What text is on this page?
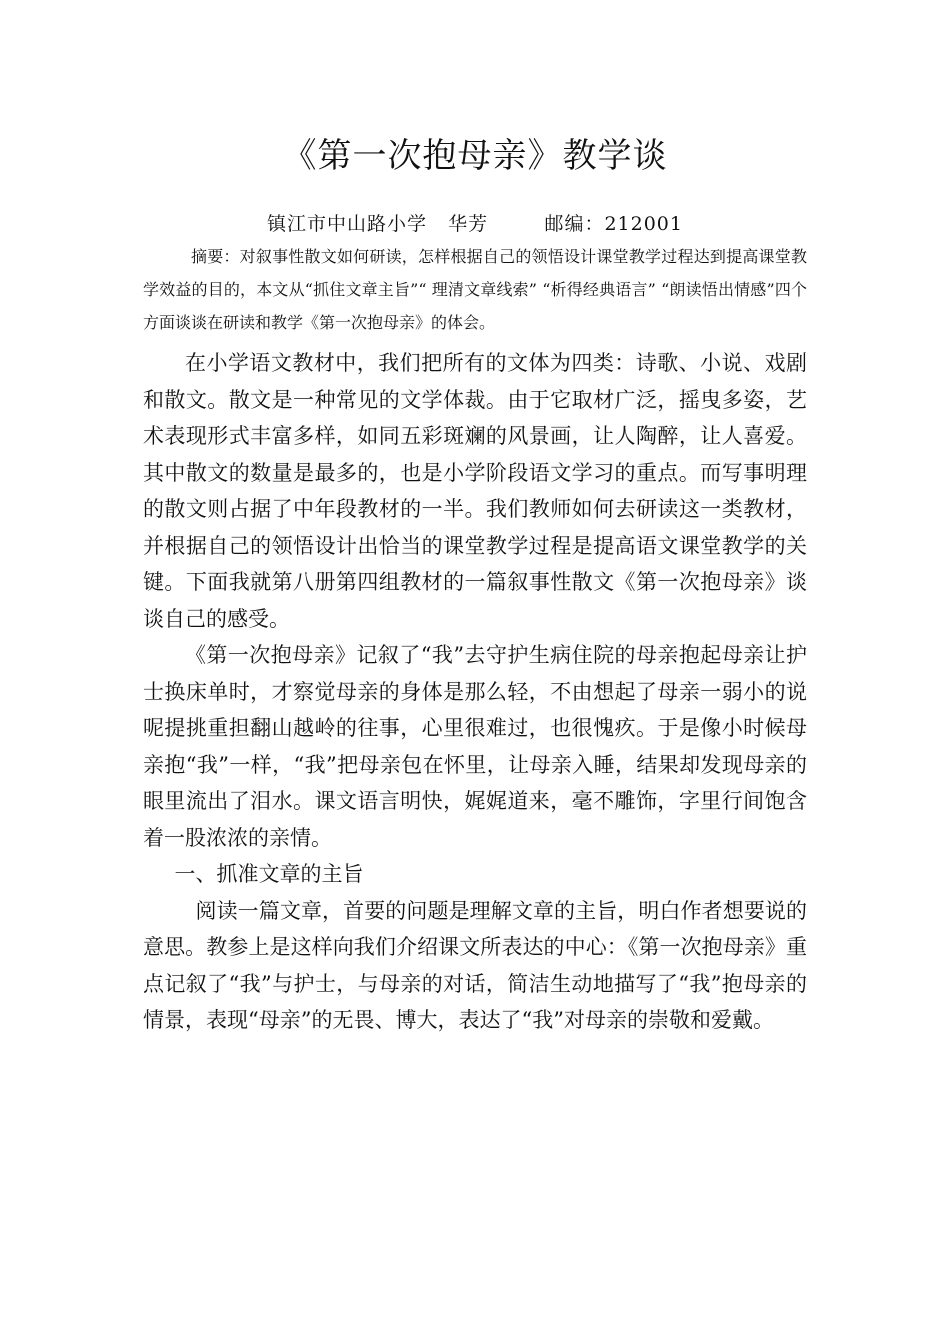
《第一次抱母亲》教学谈
镇江市中山路小学   华芳        邮编：212001

摘要：对叙事性散文如何研读，怎样根据自己的领悟设计课堂教学过程达到提高课堂教学效益的目的，本文从“抓住文章主旨”“ 理清文章线索” “析得经典语言” “朗读悟出情感”四个方面谈谈在研读和教学《第一次抱母亲》的体会。

在小学语文教材中，我们把所有的文体为四类：诗歌、小说、戏剧和散文。散文是一种常见的文学体裁。由于它取材广泛，摇曳多姿，艺术表现形式丰富多样，如同五彩斑斓的风景画，让人陶醉，让人喜爱。其中散文的数量是最多的，也是小学阶段语文学习的重点。而写事明理的散文则占据了中年段教材的一半。我们教师如何去研读这一类教材，并根据自己的领悟设计出恰当的课堂教学过程是提高语文课堂教学的关键。下面我就第八册第四组教材的一篇叙事性散文《第一次抱母亲》谈谈自己的感受。

《第一次抱母亲》记叙了“我”去守护生病住院的母亲抱起母亲让护士换床单时，才察觉母亲的身体是那么轻，不由想起了母亲一弱小的说呢提挑重担翻山越岭的往事，心里很难过，也很愧疚。于是像小时候母亲抱“我”一样，“我”把母亲包在怀里，让母亲入睡，结果却发现母亲的眼里流出了泪水。课文语言明快，娓娓道来，毫不雕饰，字里行间饱含着一股浓浓的亲情。

一、抓准文章的主旨

阅读一篇文章，首要的问题是理解文章的主旨，明白作者想要说的意思。教参上是这样向我们介绍课文所表达的中心：《第一次抱母亲》重点记叙了“我”与护士，与母亲的对话，简洁生动地描写了“我”抱母亲的情景，表现“母亲”的无畏、博大，表达了“我”对母亲的崇敬和爱戴。
